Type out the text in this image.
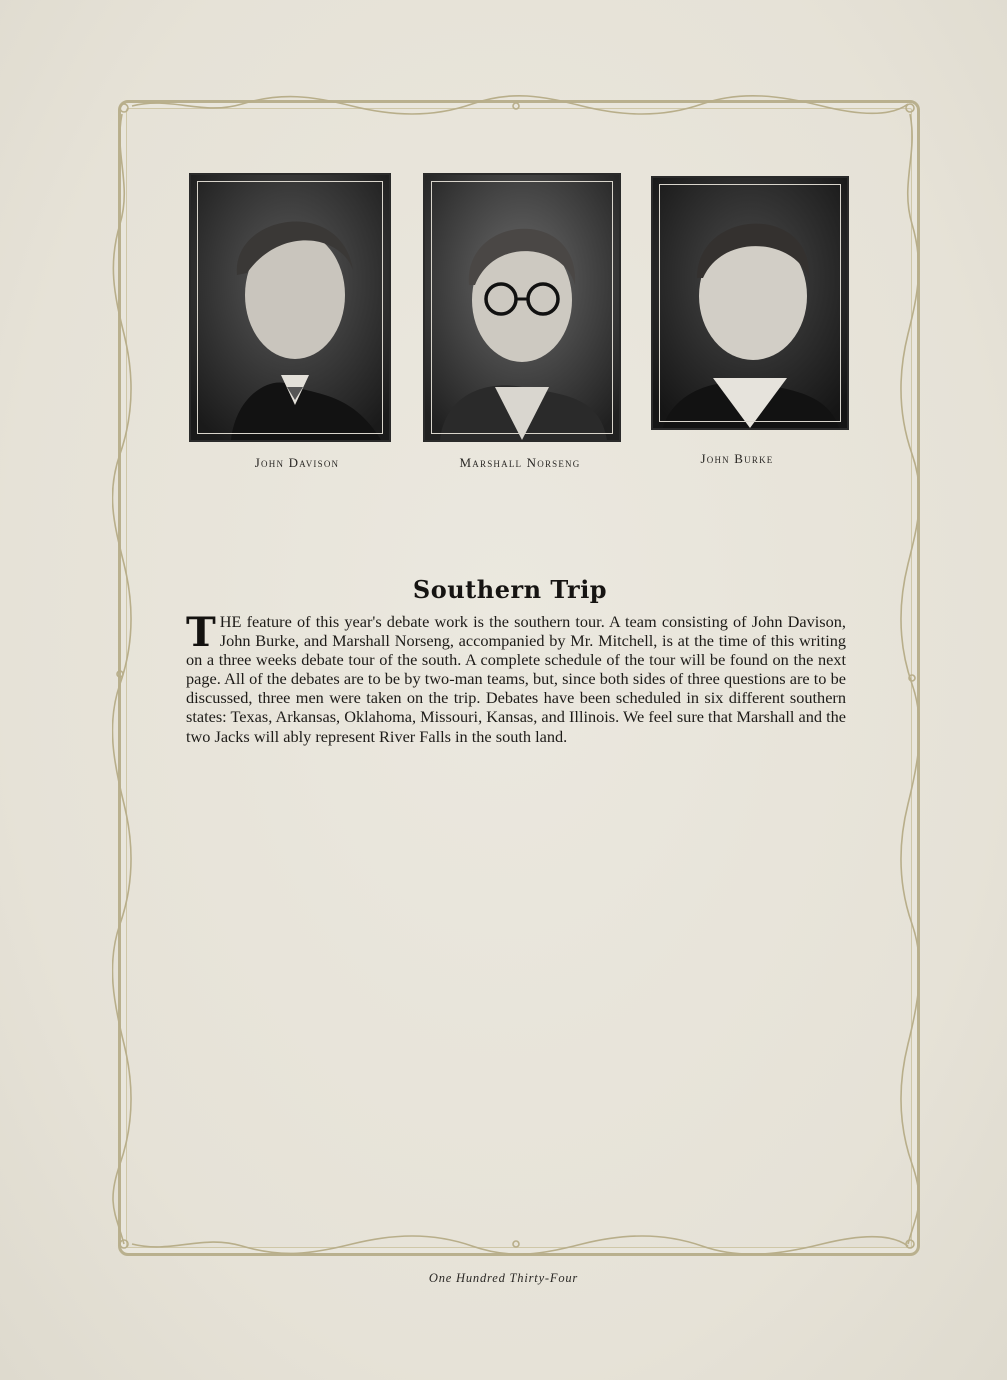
John Davison	Marshall Norseng	John Burke
Southern Trip
THE feature of this year's debate work is the southern tour. A team consisting of John Davison, John Burke, and Marshall Norseng, accompanied by Mr. Mitchell, is at the time of this writing on a three weeks debate tour of the south. A complete schedule of the tour will be found on the next page. All of the debates are to be by two-man teams, but, since both sides of three questions are to be discussed, three men were taken on the trip. Debates have been scheduled in six different southern states: Texas, Arkansas, Oklahoma, Missouri, Kansas, and Illinois. We feel sure that Marshall and the two Jacks will ably represent River Falls in the south land.
One Hundred Thirty-Four
